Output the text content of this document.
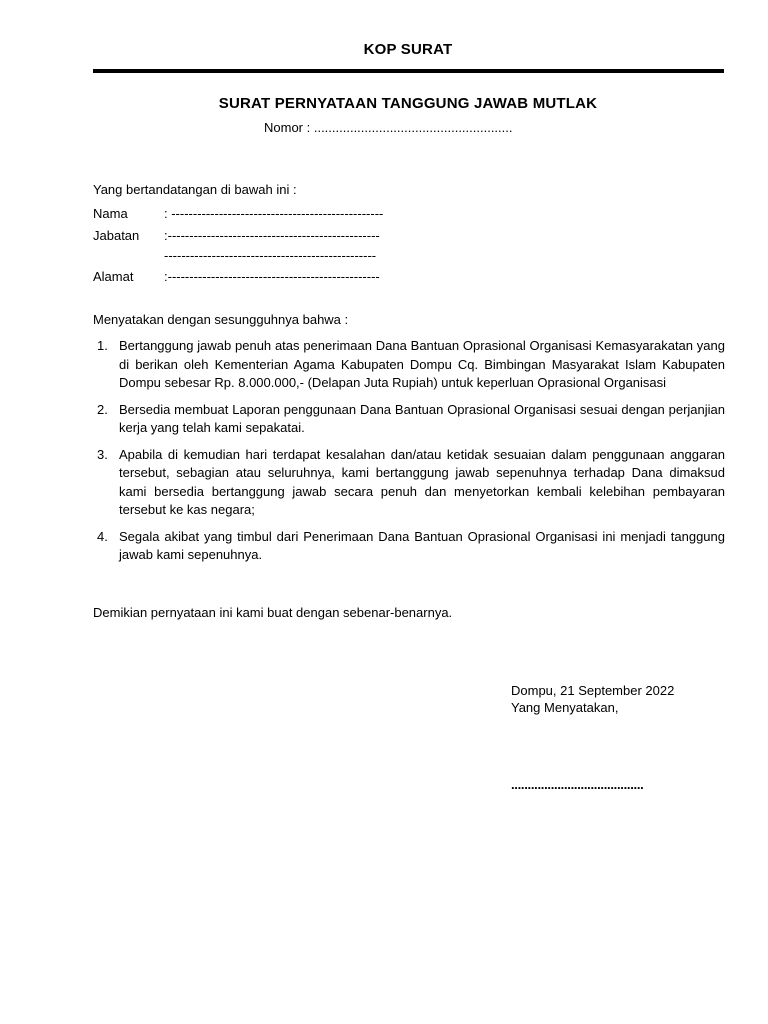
KOP SURAT
SURAT PERNYATAAN TANGGUNG JAWAB MUTLAK
Nomor : .......................................................
Yang bertandatangan di bawah ini :
Nama	: -------------------------------------------------
Jabatan :-------------------------------------------------
-------------------------------------------------
Alamat :-------------------------------------------------
Menyatakan dengan sesungguhnya bahwa :
1. Bertanggung jawab penuh atas penerimaan Dana Bantuan Oprasional Organisasi Kemasyarakatan yang di berikan oleh Kementerian Agama Kabupaten Dompu Cq. Bimbingan Masyarakat Islam Kabupaten Dompu sebesar Rp. 8.000.000,- (Delapan Juta Rupiah) untuk keperluan Oprasional Organisasi
2. Bersedia membuat Laporan penggunaan Dana Bantuan Oprasional Organisasi sesuai dengan perjanjian kerja yang telah kami sepakatai.
3. Apabila di kemudian hari terdapat kesalahan dan/atau ketidak sesuaian dalam penggunaan anggaran tersebut, sebagian atau seluruhnya, kami bertanggung jawab sepenuhnya terhadap Dana dimaksud kami bersedia bertanggung jawab secara penuh dan menyetorkan kembali kelebihan pembayaran tersebut ke kas negara;
4. Segala akibat yang timbul dari Penerimaan Dana Bantuan Oprasional Organisasi ini menjadi tanggung jawab kami sepenuhnya.
Demikian pernyataan ini kami buat dengan sebenar-benarnya.
Dompu, 21 September 2022
Yang Menyatakan,
........................................
